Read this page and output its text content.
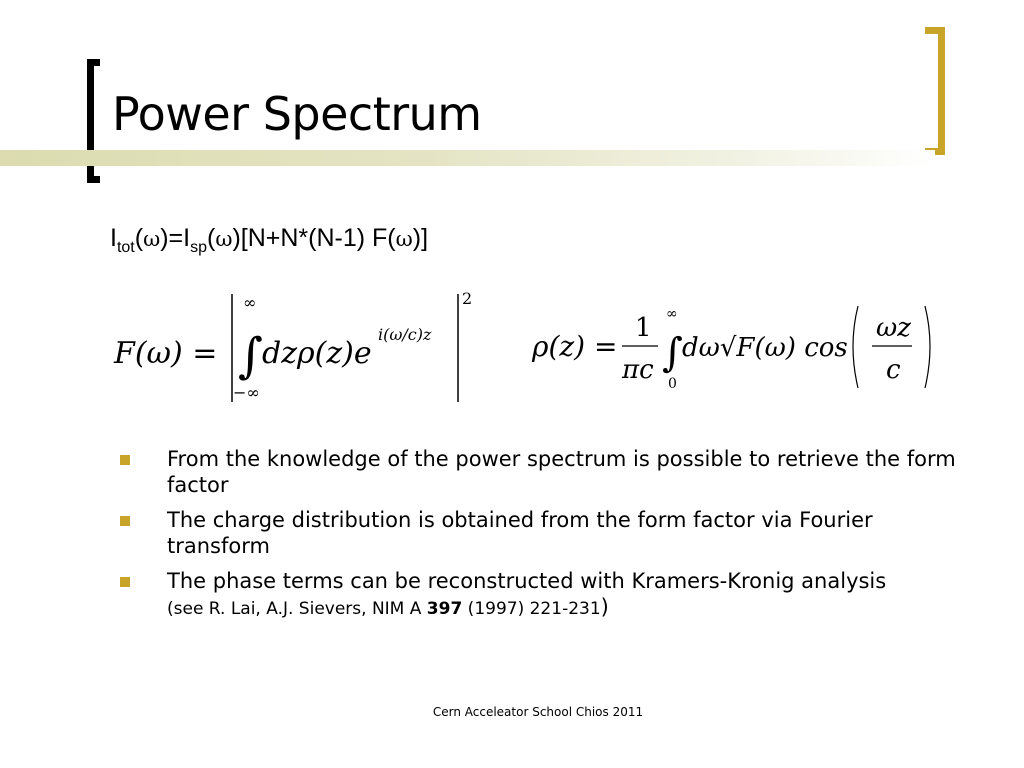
Power Spectrum
$I_{tot}(\omega)=I_{sp}(\omega)[N+N*(N-1)$ F(ω)]
F(ω) =
∞
∫
−∞
dzρ(z)e
i(ω/c)z
2
ρ(z) =
1
πc
∞
∫
0
dω√F(ω) cos
ωz
c
From the knowledge of the power spectrum is possible to retrieve the form factor
The charge distribution is obtained from the form factor via Fourier transform
The phase terms can be reconstructed with Kramers-Kronig analysis
(see R. Lai, A.J. Sievers, NIM A 397 (1997) 221-231)
Cern Acceleator School Chios 2011
